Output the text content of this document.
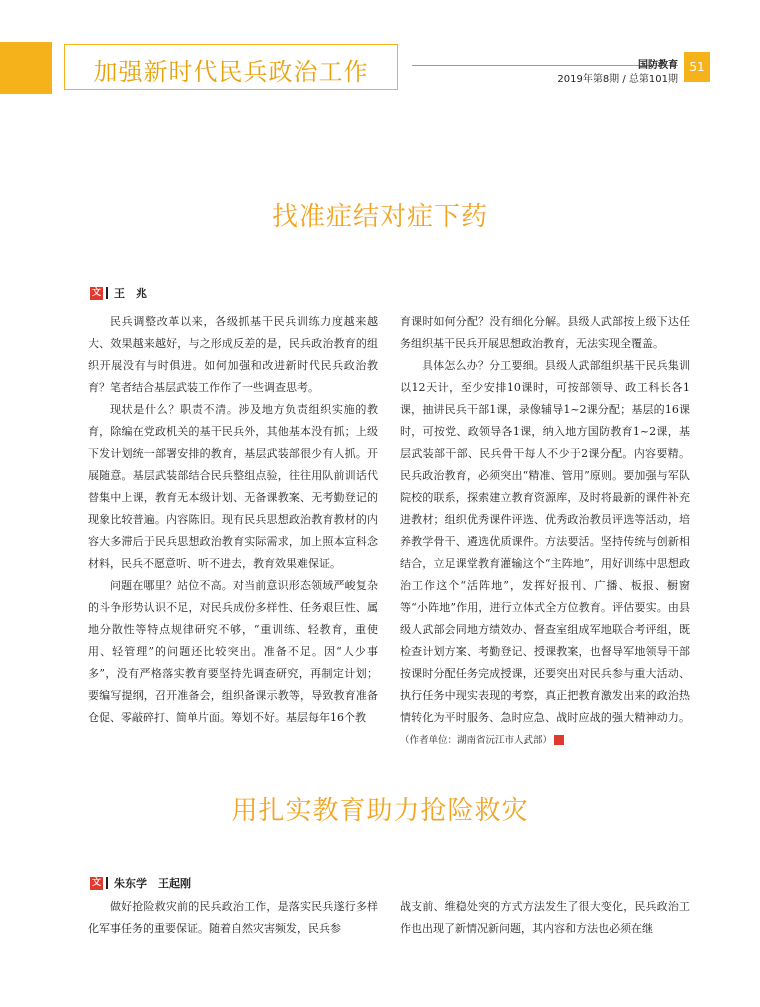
加强新时代民兵政治工作	国防教育
2019年第8期 / 总第101期
51
找准症结对症下药
文 王　兆

民兵调整改革以来，各级抓基干民兵训练力度越来越大、效果越来越好，与之形成反差的是，民兵政治教育的组织开展没有与时俱进。如何加强和改进新时代民兵政治教育？笔者结合基层武装工作作了一些调查思考。

现状是什么？职责不清。涉及地方负责组织实施的教育，除编在党政机关的基干民兵外，其他基本没有抓；上级下发计划统一部署安排的教育，基层武装部很少有人抓。开展随意。基层武装部结合民兵整组点验，往往用队前训话代替集中上课，教育无本级计划、无备课教案、无考勤登记的现象比较普遍。内容陈旧。现有民兵思想政治教育教材的内容大多滞后于民兵思想政治教育实际需求，加上照本宣科念材料，民兵不愿意听、听不进去，教育效果难保证。

问题在哪里？站位不高。对当前意识形态领域严峻复杂的斗争形势认识不足，对民兵成份多样性、任务艰巨性、属地分散性等特点规律研究不够，“重训练、轻教育，重使用、轻管理”的问题还比较突出。准备不足。因“人少事多”，没有严格落实教育要坚持先调查研究，再制定计划；要编写提纲，召开准备会，组织备课示教等，导致教育准备仓促、零敲碎打、简单片面。筹划不好。基层每年16个教

育课时如何分配？没有细化分解。县级人武部按上级下达任务组织基干民兵开展思想政治教育，无法实现全覆盖。

具体怎么办？分工要细。县级人武部组织基干民兵集训以12天计，至少安排10课时，可按部领导、政工科长各1课，抽讲民兵干部1课，录像辅导1~2课分配；基层的16课时，可按党、政领导各1课，纳入地方国防教育1~2课，基层武装部干部、民兵骨干每人不少于2课分配。内容要精。民兵政治教育，必须突出“精准、管用”原则。要加强与军队院校的联系，探索建立教育资源库，及时将最新的课件补充进教材；组织优秀课件评选、优秀政治教员评选等活动，培养教学骨干、遴选优质课件。方法要活。坚持传统与创新相结合，立足课堂教育灌输这个“主阵地”，用好训练中思想政治工作这个“活阵地”，发挥好报刊、广播、板报、橱窗等“小阵地”作用，进行立体式全方位教育。评估要实。由县级人武部会同地方绩效办、督查室组成军地联合考评组，既检查计划方案、考勤登记、授课教案，也督导军地领导干部按课时分配任务完成授课，还要突出对民兵参与重大活动、执行任务中现实表现的考察，真正把教育激发出来的政治热情转化为平时服务、急时应急、战时应战的强大精神动力。（作者单位：湖南省沅江市人武部）	G

用扎实教育助力抢险救灾
文 朱东学　王起刚

做好抢险救灾前的民兵政治工作，是落实民兵遂行多样化军事任务的重要保证。随着自然灾害频发，民兵参

战支前、维稳处突的方式方法发生了很大变化，民兵政治工作也出现了新情况新问题，其内容和方法也必须在继
